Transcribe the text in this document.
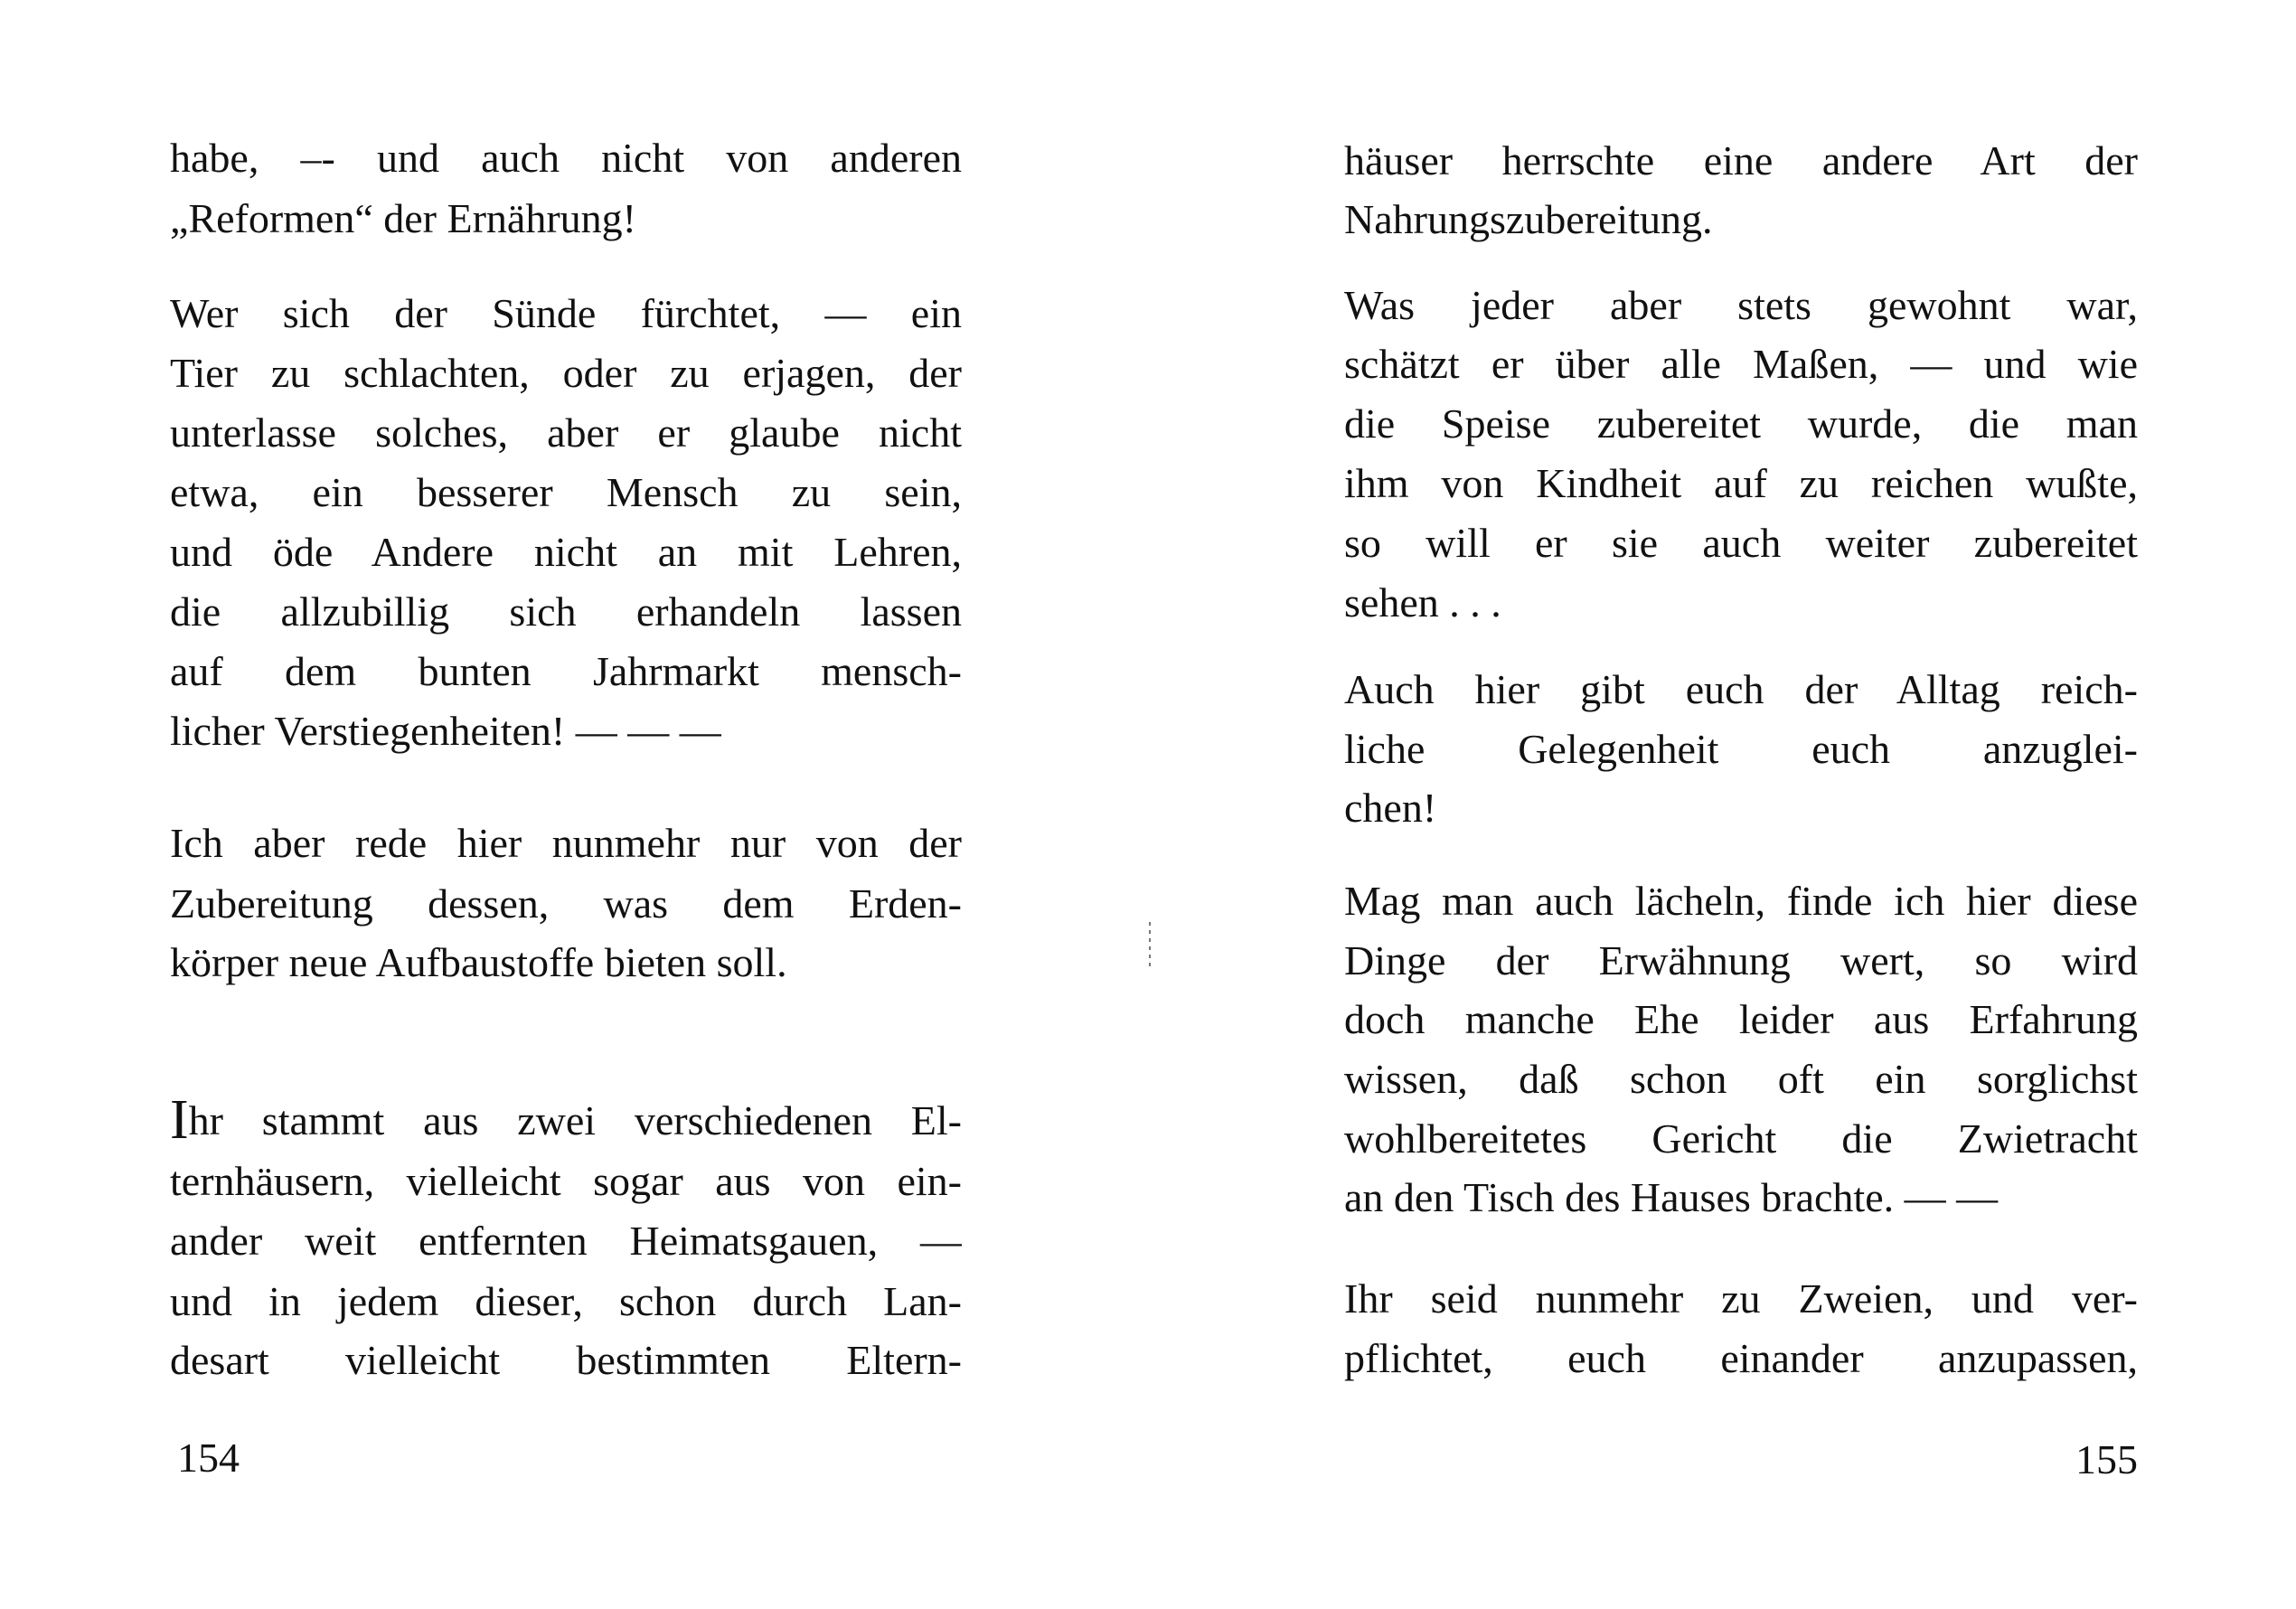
habe, –- und auch nicht von anderen
„Reformen“ der Ernährung!
Wer sich der Sünde fürchtet, — ein
Tier zu schlachten, oder zu erjagen, der
unterlasse solches, aber er glaube nicht
etwa, ein besserer Mensch zu sein,
und öde Andere nicht an mit Lehren,
die allzubillig sich erhandeln lassen
auf dem bunten Jahrmarkt mensch-
licher Verstiegenheiten! — — —
Ich aber rede hier nunmehr nur von der
Zubereitung dessen, was dem Erden-
körper neue Aufbaustoffe bieten soll.
I hr stammt aus zwei verschiedenen El-
ternhäusern, vielleicht sogar aus von ein-
ander weit entfernten Heimatsgauen, —
und in jedem dieser, schon durch Lan-
desart vielleicht bestimmten Eltern-
154
häuser herrschte eine andere Art der
Nahrungszubereitung.
Was jeder aber stets gewohnt war,
schätzt er über alle Maßen, — und wie
die Speise zubereitet wurde, die man
ihm von Kindheit auf zu reichen wußte,
so will er sie auch weiter zubereitet
sehen . . .
Auch hier gibt euch der Alltag reich-
liche Gelegenheit euch anzuglei-
chen!
Mag man auch lächeln, finde ich hier diese
Dinge der Erwähnung wert, so wird
doch manche Ehe leider aus Erfahrung
wissen, daß schon oft ein sorglichst
wohlbereitetes Gericht die Zwietracht
an den Tisch des Hauses brachte. — —
Ihr seid nunmehr zu Zweien, und ver-
pflichtet, euch einander anzupassen,
155
